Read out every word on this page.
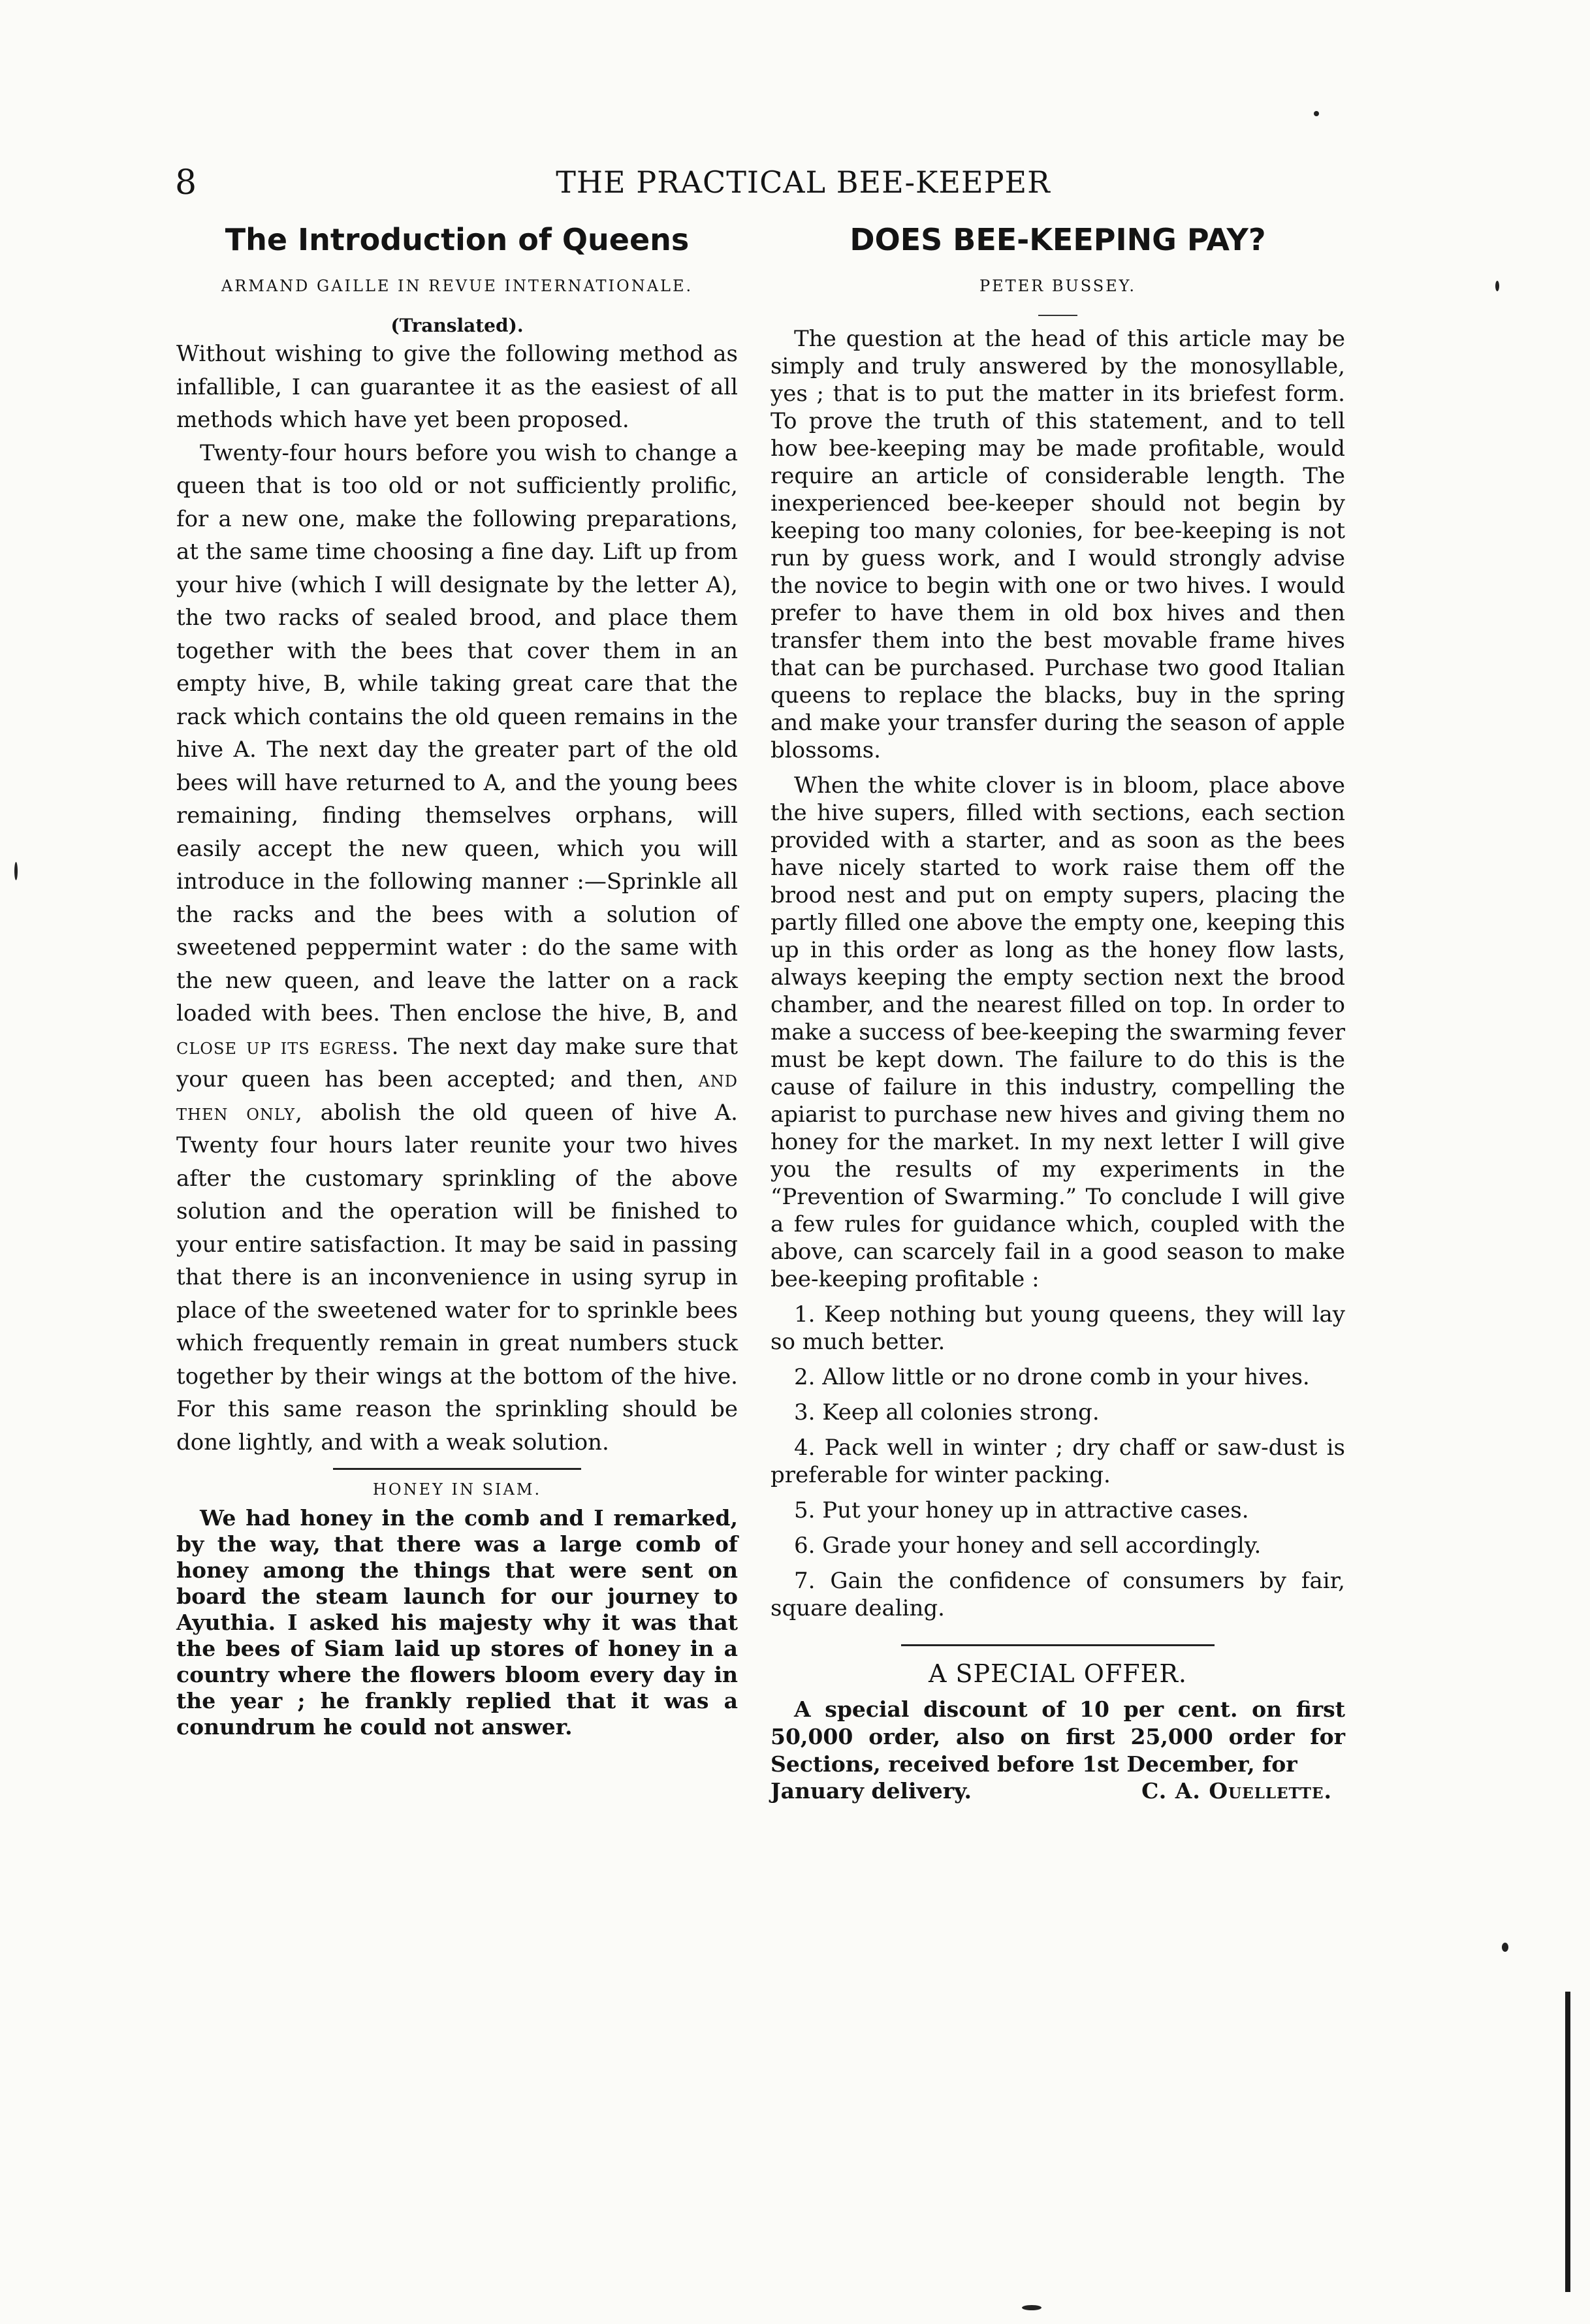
8	THE PRACTICAL BEE-KEEPER
The Introduction of Queens
ARMAND GAILLE IN REVUE INTERNATIONALE.
(Translated).

Without wishing to give the following method as infallible, I can guarantee it as the easiest of all methods which have yet been proposed.

Twenty-four hours before you wish to change a queen that is too old or not sufficiently prolific, for a new one, make the following preparations, at the same time choosing a fine day. Lift up from your hive (which I will designate by the letter A), the two racks of sealed brood, and place them together with the bees that cover them in an empty hive, B, while taking great care that the rack which contains the old queen remains in the hive A. The next day the greater part of the old bees will have returned to A, and the young bees remaining, finding themselves orphans, will easily accept the new queen, which you will introduce in the following manner :—Sprinkle all the racks and the bees with a solution of sweetened peppermint water : do the same with the new queen, and leave the latter on a rack loaded with bees. Then enclose the hive, B, and close up its egress. The next day make sure that your queen has been accepted; and then, and then only, abolish the old queen of hive A. Twenty four hours later reunite your two hives after the customary sprinkling of the above solution and the operation will be finished to your entire satisfaction. It may be said in passing that there is an inconvenience in using syrup in place of the sweetened water for to sprinkle bees which frequently remain in great numbers stuck together by their wings at the bottom of the hive. For this same reason the sprinkling should be done lightly, and with a weak solution.

HONEY IN SIAM.

We had honey in the comb and I remarked, by the way, that there was a large comb of honey among the things that were sent on board the steam launch for our journey to Ayuthia. I asked his majesty why it was that the bees of Siam laid up stores of honey in a country where the flowers bloom every day in the year ; he frankly replied that it was a conundrum he could not answer.

DOES BEE-KEEPING PAY?
PETER BUSSEY.

The question at the head of this article may be simply and truly answered by the monosyllable, yes ; that is to put the matter in its briefest form. To prove the truth of this statement, and to tell how bee-keeping may be made profitable, would require an article of considerable length. The inexperienced bee-keeper should not begin by keeping too many colonies, for bee-keeping is not run by guess work, and I would strongly advise the novice to begin with one or two hives. I would prefer to have them in old box hives and then transfer them into the best movable frame hives that can be purchased. Purchase two good Italian queens to replace the blacks, buy in the spring and make your transfer during the season of apple blossoms.

When the white clover is in bloom, place above the hive supers, filled with sections, each section provided with a starter, and as soon as the bees have nicely started to work raise them off the brood nest and put on empty supers, placing the partly filled one above the empty one, keeping this up in this order as long as the honey flow lasts, always keeping the empty section next the brood chamber, and the nearest filled on top. In order to make a success of bee-keeping the swarming fever must be kept down. The failure to do this is the cause of failure in this industry, compelling the apiarist to purchase new hives and giving them no honey for the market. In my next letter I will give you the results of my experiments in the “Prevention of Swarming.” To conclude I will give a few rules for guidance which, coupled with the above, can scarcely fail in a good season to make bee-keeping profitable :

1. Keep nothing but young queens, they will lay so much better.
2. Allow little or no drone comb in your hives.
3. Keep all colonies strong.
4. Pack well in winter ; dry chaff or saw-dust is preferable for winter packing.
5. Put your honey up in attractive cases.
6. Grade your honey and sell accordingly.
7. Gain the confidence of consumers by fair, square dealing.
A SPECIAL OFFER.

A special discount of 10 per cent. on first 50,000 order, also on first 25,000 order for Sections, received before 1st December, for

January delivery.	C. A. Ouellette.
